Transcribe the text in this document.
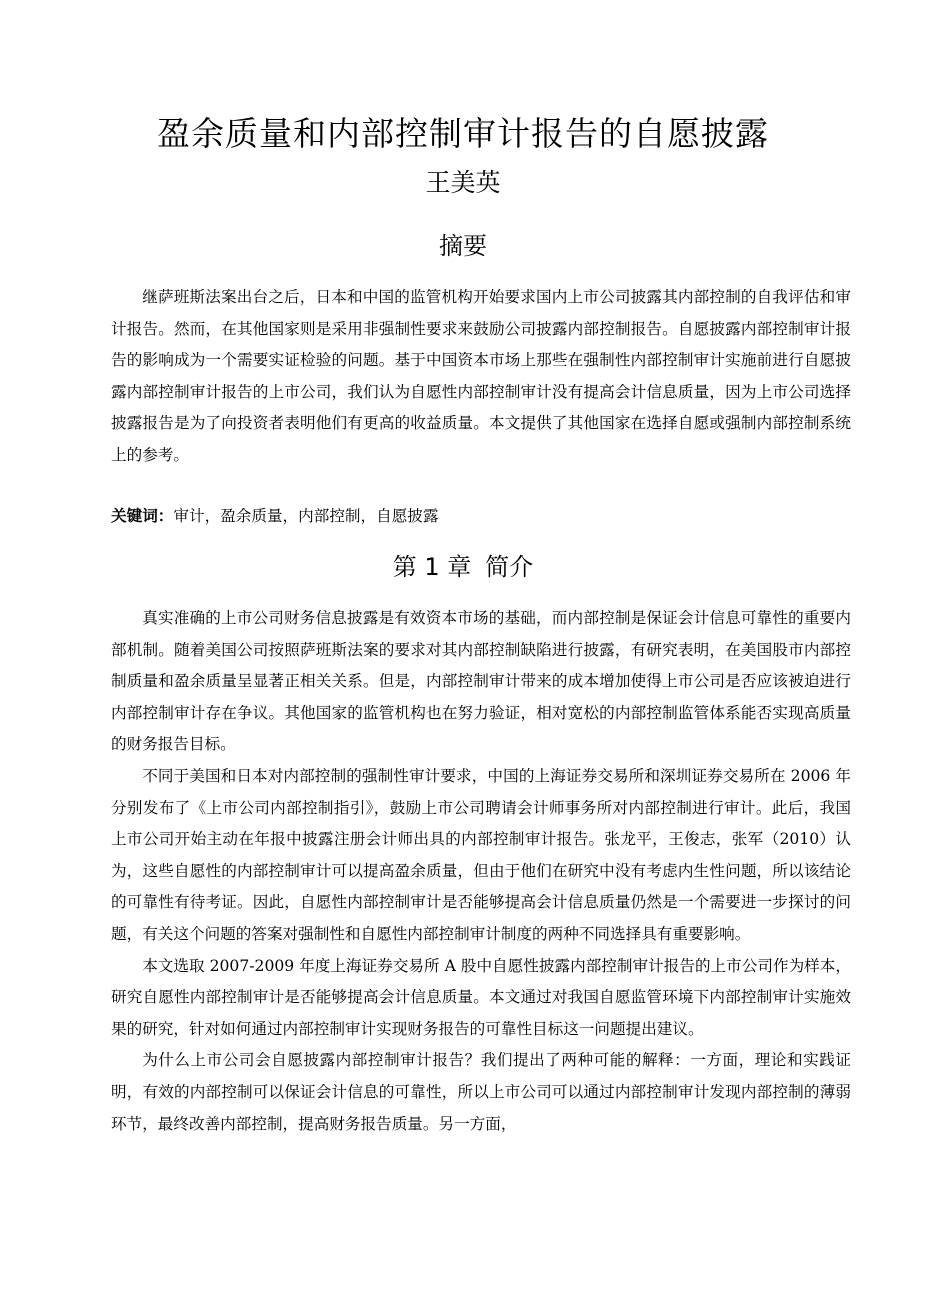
盈余质量和内部控制审计报告的自愿披露
王美英
摘要

继萨班斯法案出台之后，日本和中国的监管机构开始要求国内上市公司披露其内部控制的自我评估和审计报告。然而，在其他国家则是采用非强制性要求来鼓励公司披露内部控制报告。自愿披露内部控制审计报告的影响成为一个需要实证检验的问题。基于中国资本市场上那些在强制性内部控制审计实施前进行自愿披露内部控制审计报告的上市公司，我们认为自愿性内部控制审计没有提高会计信息质量，因为上市公司选择披露报告是为了向投资者表明他们有更高的收益质量。本文提供了其他国家在选择自愿或强制内部控制系统上的参考。

关键词：审计，盈余质量，内部控制，自愿披露
第 1 章 简介

真实准确的上市公司财务信息披露是有效资本市场的基础，而内部控制是保证会计信息可靠性的重要内部机制。随着美国公司按照萨班斯法案的要求对其内部控制缺陷进行披露，有研究表明，在美国股市内部控制质量和盈余质量呈显著正相关关系。但是，内部控制审计带来的成本增加使得上市公司是否应该被迫进行内部控制审计存在争议。其他国家的监管机构也在努力验证，相对宽松的内部控制监管体系能否实现高质量的财务报告目标。

不同于美国和日本对内部控制的强制性审计要求，中国的上海证券交易所和深圳证券交易所在 2006 年分别发布了《上市公司内部控制指引》，鼓励上市公司聘请会计师事务所对内部控制进行审计。此后，我国上市公司开始主动在年报中披露注册会计师出具的内部控制审计报告。张龙平，王俊志，张军（2010）认为，这些自愿性的内部控制审计可以提高盈余质量，但由于他们在研究中没有考虑内生性问题，所以该结论的可靠性有待考证。因此，自愿性内部控制审计是否能够提高会计信息质量仍然是一个需要进一步探讨的问题，有关这个问题的答案对强制性和自愿性内部控制审计制度的两种不同选择具有重要影响。

本文选取 2007-2009 年度上海证券交易所 A 股中自愿性披露内部控制审计报告的上市公司作为样本，研究自愿性内部控制审计是否能够提高会计信息质量。本文通过对我国自愿监管环境下内部控制审计实施效果的研究，针对如何通过内部控制审计实现财务报告的可靠性目标这一问题提出建议。

为什么上市公司会自愿披露内部控制审计报告？我们提出了两种可能的解释：一方面，理论和实践证明，有效的内部控制可以保证会计信息的可靠性，所以上市公司可以通过内部控制审计发现内部控制的薄弱环节，最终改善内部控制，提高财务报告质量。另一方面，
